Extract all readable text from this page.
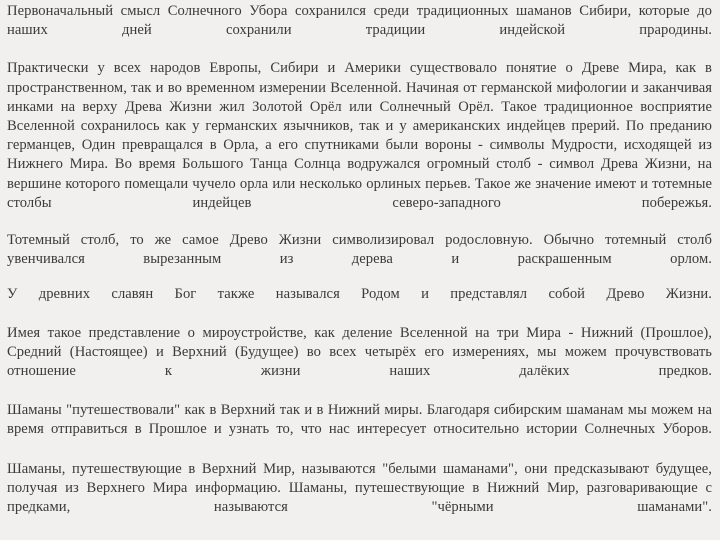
Первоначальный смысл Солнечного Убора сохранился среди традиционных шаманов Сибири, которые до наших дней сохранили традиции индейской прародины.

Практически у всех народов Европы, Сибири и Америки существовало понятие о Древе Мира, как в пространственном, так и во временном измерении Вселенной. Начиная от германской мифологии и заканчивая инками на верху Древа Жизни жил Золотой Орёл или Солнечный Орёл. Такое традиционное восприятие Вселенной сохранилось как у германских язычников, так и у американских индейцев прерий. По преданию германцев, Один превращался в Орла, а его спутниками были вороны - символы Мудрости, исходящей из Нижнего Мира. Во время Большого Танца Солнца водружался огромный столб - символ Древа Жизни, на вершине которого помещали чучело орла или несколько орлиных перьев. Такое же значение имеют и тотемные столбы индейцев северо-западного побережья.

Тотемный столб, то же самое Древо Жизни символизировал родословную. Обычно тотемный столб увенчивался вырезанным из дерева и раскрашенным орлом.

У древних славян Бог также назывался Родом и представлял собой Древо Жизни.

Имея такое представление о мироустройстве, как деление Вселенной на три Мира - Нижний (Прошлое), Средний (Настоящее) и Верхний (Будущее) во всех четырёх его измерениях, мы можем прочувствовать отношение к жизни наших далёких предков.

Шаманы "путешествовали" как в Верхний так и в Нижний миры. Благодаря сибирским шаманам мы можем на время отправиться в Прошлое и узнать то, что нас интересует относительно истории Солнечных Уборов.

Шаманы, путешествующие в Верхний Мир, называются "белыми шаманами", они предсказывают будущее, получая из Верхнего Мира информацию. Шаманы, путешествующие в Нижний Мир, разговаривающие с предками, называются "чёрными шаманами".
